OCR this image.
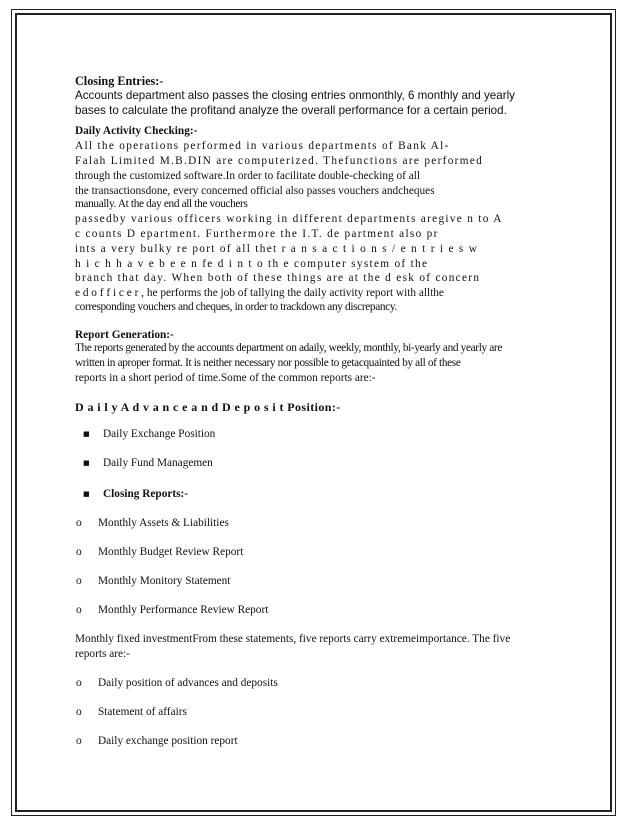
Closing Entries:-
Accounts department also passes the closing entries onmonthly, 6 monthly and yearly
bases to calculate the profitand analyze the overall performance for a certain period.
Daily Activity Checking:-
All the operations performed in various departments of Bank Al-
Falah Limited M.B.DIN are computerized. Thefunctions are performed
through the customized software.In order to facilitate double-checking of all
the transactionsdone, every concerned official also passes vouchers andcheques
manually. At the day end all the vouchers
passedby various officers working in different departments aregive n to A
c counts D epartment. Furthermore the I.T. de partment also pr
ints a very bulky re port of all thet r a n s a c t i o n s / e n t r i e s w
h i c h h a v e b e e n fe d i n t o th e computer system of the
branch that day. When both of these things are at the d esk of concern
e d o f f i c e r , he performs the job of tallying the daily activity report with allthe
corresponding vouchers and cheques, in order to trackdown any discrepancy.
Report Generation:-
The reports generated by the accounts department on adaily, weekly, monthly, bi-yearly and yearly are
written in aproper format. It is neither necessary nor possible to getacquainted by all of these
reports in a short period of time.Some of the common reports are:-
D a i l y A d v a n c e a n d D e p o s i t Position:-
■ Daily Exchange Position
■ Daily Fund Managemen
■ Closing Reports:-
o Monthly Assets & Liabilities
o Monthly Budget Review Report
o Monthly Monitory Statement
o Monthly Performance Review Report
Monthly fixed investmentFrom these statements, five reports carry extremeimportance. The five
reports are:-
o Daily position of advances and deposits
o Statement of affairs
o Daily exchange position report
